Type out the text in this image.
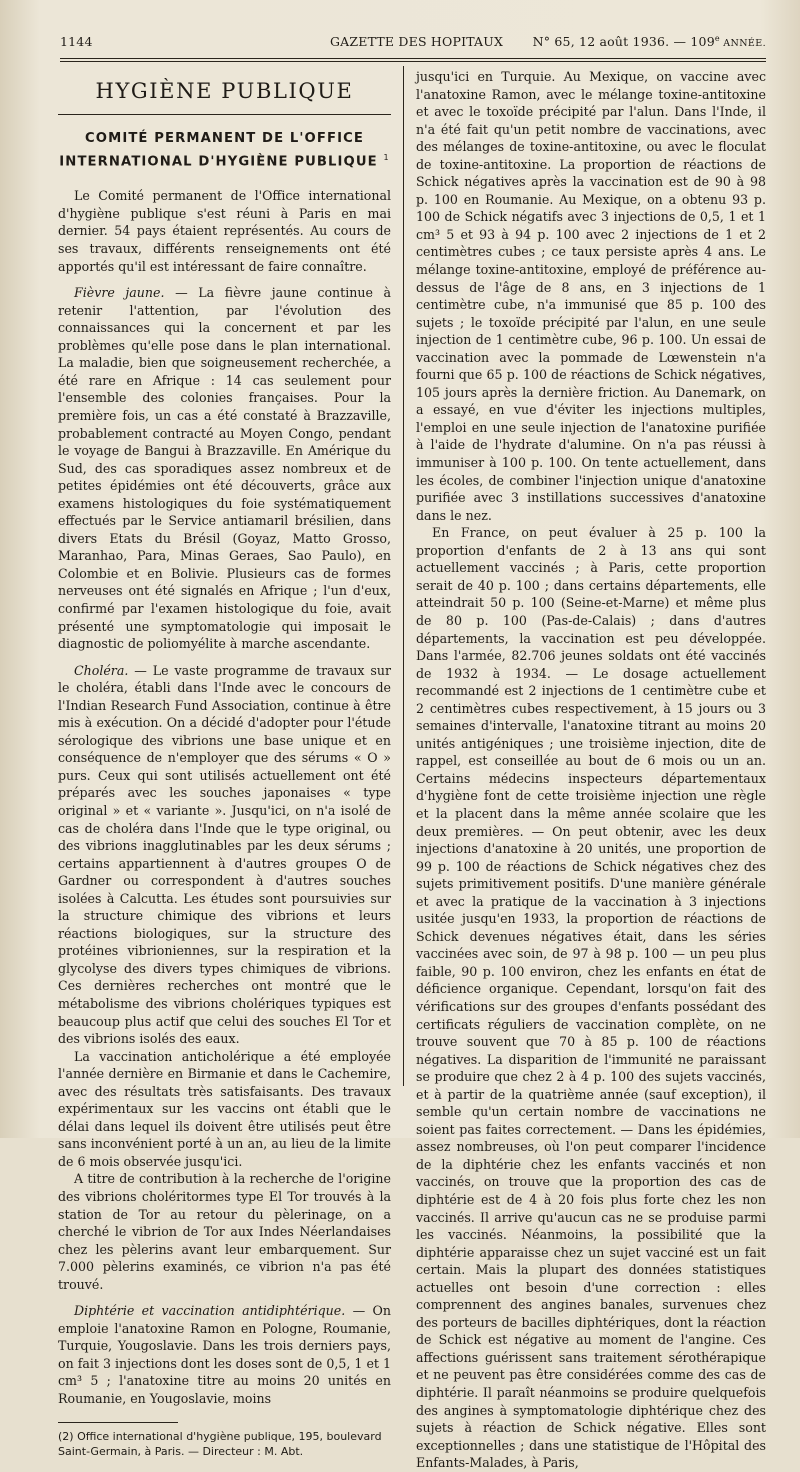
1144	GAZETTE DES HOPITAUX N° 65, 12 août 1936. — 109e ANNÉE.
HYGIÈNE PUBLIQUE
COMITÉ PERMANENT DE L'OFFICE
INTERNATIONAL D'HYGIÈNE PUBLIQUE $^1$

Le Comité permanent de l'Office international d'hygiène publique s'est réuni à Paris en mai dernier. 54 pays étaient représentés. Au cours de ses travaux, différents renseignements ont été apportés qu'il est intéressant de faire connaître.

Fièvre jaune. — La fièvre jaune continue à retenir l'attention, par l'évolution des connaissances qui la concernent et par les problèmes qu'elle pose dans le plan international. La maladie, bien que soigneusement recherchée, a été rare en Afrique : 14 cas seulement pour l'ensemble des colonies françaises. Pour la première fois, un cas a été constaté à Brazzaville, probablement contracté au Moyen Congo, pendant le voyage de Bangui à Brazzaville. En Amérique du Sud, des cas sporadiques assez nombreux et de petites épidémies ont été découverts, grâce aux examens histologiques du foie systématiquement effectués par le Service antiamaril brésilien, dans divers Etats du Brésil (Goyaz, Matto Grosso, Maranhao, Para, Minas Geraes, Sao Paulo), en Colombie et en Bolivie. Plusieurs cas de formes nerveuses ont été signalés en Afrique ; l'un d'eux, confirmé par l'examen histologique du foie, avait présenté une symptomatologie qui imposait le diagnostic de poliomyélite à marche ascendante.

Choléra. — Le vaste programme de travaux sur le choléra, établi dans l'Inde avec le concours de l'Indian Research Fund Association, continue à être mis à exécution. On a décidé d'adopter pour l'étude sérologique des vibrions une base unique et en conséquence de n'employer que des sérums « O » purs. Ceux qui sont utilisés actuellement ont été préparés avec les souches japonaises « type original » et « variante ». Jusqu'ici, on n'a isolé de cas de choléra dans l'Inde que le type original, ou des vibrions inagglutinables par les deux sérums ; certains appartiennent à d'autres groupes O de Gardner ou correspondent à d'autres souches isolées à Calcutta. Les études sont poursuivies sur la structure chimique des vibrions et leurs réactions biologiques, sur la structure des protéines vibrioniennes, sur la respiration et la glycolyse des divers types chimiques de vibrions. Ces dernières recherches ont montré que le métabolisme des vibrions cholériques typiques est beaucoup plus actif que celui des souches El Tor et des vibrions isolés des eaux.

La vaccination anticholérique a été employée l'année dernière en Birmanie et dans le Cachemire, avec des résultats très satisfaisants. Des travaux expérimentaux sur les vaccins ont établi que le délai dans lequel ils doivent être utilisés peut être sans inconvénient porté à un an, au lieu de la limite de 6 mois observée jusqu'ici.

A titre de contribution à la recherche de l'origine des vibrions choléritormes type El Tor trouvés à la station de Tor au retour du pèlerinage, on a cherché le vibrion de Tor aux Indes Néerlandaises chez les pèlerins avant leur embarquement. Sur 7.000 pèlerins examinés, ce vibrion n'a pas été trouvé.

Diphtérie et vaccination antidiphtérique. — On emploie l'anatoxine Ramon en Pologne, Roumanie, Turquie, Yougoslavie. Dans les trois derniers pays, on fait 3 injections dont les doses sont de 0,5, 1 et 1 cm³ 5 ; l'anatoxine titre au moins 20 unités en Roumanie, en Yougoslavie, moins

(2) Office international d'hygiène publique, 195, boulevard Saint-Germain, à Paris. — Directeur : M. Abt.

jusqu'ici en Turquie. Au Mexique, on vaccine avec l'anatoxine Ramon, avec le mélange toxine-antitoxine et avec le toxoïde précipité par l'alun. Dans l'Inde, il n'a été fait qu'un petit nombre de vaccinations, avec des mélanges de toxine-antitoxine, ou avec le floculat de toxine-antitoxine. La proportion de réactions de Schick négatives après la vaccination est de 90 à 98 p. 100 en Roumanie. Au Mexique, on a obtenu 93 p. 100 de Schick négatifs avec 3 injections de 0,5, 1 et 1 cm³ 5 et 93 à 94 p. 100 avec 2 injections de 1 et 2 centimètres cubes ; ce taux persiste après 4 ans. Le mélange toxine-antitoxine, employé de préférence au-dessus de l'âge de 8 ans, en 3 injections de 1 centimètre cube, n'a immunisé que 85 p. 100 des sujets ; le toxoïde précipité par l'alun, en une seule injection de 1 centimètre cube, 96 p. 100. Un essai de vaccination avec la pommade de Lœwenstein n'a fourni que 65 p. 100 de réactions de Schick négatives, 105 jours après la dernière friction. Au Danemark, on a essayé, en vue d'éviter les injections multiples, l'emploi en une seule injection de l'anatoxine purifiée à l'aide de l'hydrate d'alumine. On n'a pas réussi à immuniser à 100 p. 100. On tente actuellement, dans les écoles, de combiner l'injection unique d'anatoxine purifiée avec 3 instillations successives d'anatoxine dans le nez.

En France, on peut évaluer à 25 p. 100 la proportion d'enfants de 2 à 13 ans qui sont actuellement vaccinés ; à Paris, cette proportion serait de 40 p. 100 ; dans certains départements, elle atteindrait 50 p. 100 (Seine-et-Marne) et même plus de 80 p. 100 (Pas-de-Calais) ; dans d'autres départements, la vaccination est peu développée. Dans l'armée, 82.706 jeunes soldats ont été vaccinés de 1932 à 1934. — Le dosage actuellement recommandé est 2 injections de 1 centimètre cube et 2 centimètres cubes respectivement, à 15 jours ou 3 semaines d'intervalle, l'anatoxine titrant au moins 20 unités antigéniques ; une troisième injection, dite de rappel, est conseillée au bout de 6 mois ou un an. Certains médecins inspecteurs départementaux d'hygiène font de cette troisième injection une règle et la placent dans la même année scolaire que les deux premières. — On peut obtenir, avec les deux injections d'anatoxine à 20 unités, une proportion de 99 p. 100 de réactions de Schick négatives chez des sujets primitivement positifs. D'une manière générale et avec la pratique de la vaccination à 3 injections usitée jusqu'en 1933, la proportion de réactions de Schick devenues négatives était, dans les séries vaccinées avec soin, de 97 à 98 p. 100 — un peu plus faible, 90 p. 100 environ, chez les enfants en état de déficience organique. Cependant, lorsqu'on fait des vérifications sur des groupes d'enfants possédant des certificats réguliers de vaccination complète, on ne trouve souvent que 70 à 85 p. 100 de réactions négatives. La disparition de l'immunité ne paraissant se produire que chez 2 à 4 p. 100 des sujets vaccinés, et à partir de la quatrième année (sauf exception), il semble qu'un certain nombre de vaccinations ne soient pas faites correctement. — Dans les épidémies, assez nombreuses, où l'on peut comparer l'incidence de la diphtérie chez les enfants vaccinés et non vaccinés, on trouve que la proportion des cas de diphtérie est de 4 à 20 fois plus forte chez les non vaccinés. Il arrive qu'aucun cas ne se produise parmi les vaccinés. Néanmoins, la possibilité que la diphtérie apparaisse chez un sujet vacciné est un fait certain. Mais la plupart des données statistiques actuelles ont besoin d'une correction : elles comprennent des angines banales, survenues chez des porteurs de bacilles diphtériques, dont la réaction de Schick est négative au moment de l'angine. Ces affections guérissent sans traitement sérothérapique et ne peuvent pas être considérées comme des cas de diphtérie. Il paraît néanmoins se produire quelquefois des angines à symptomatologie diphtérique chez des sujets à réaction de Schick négative. Elles sont exceptionnelles ; dans une statistique de l'Hôpital des Enfants-Malades, à Paris,
